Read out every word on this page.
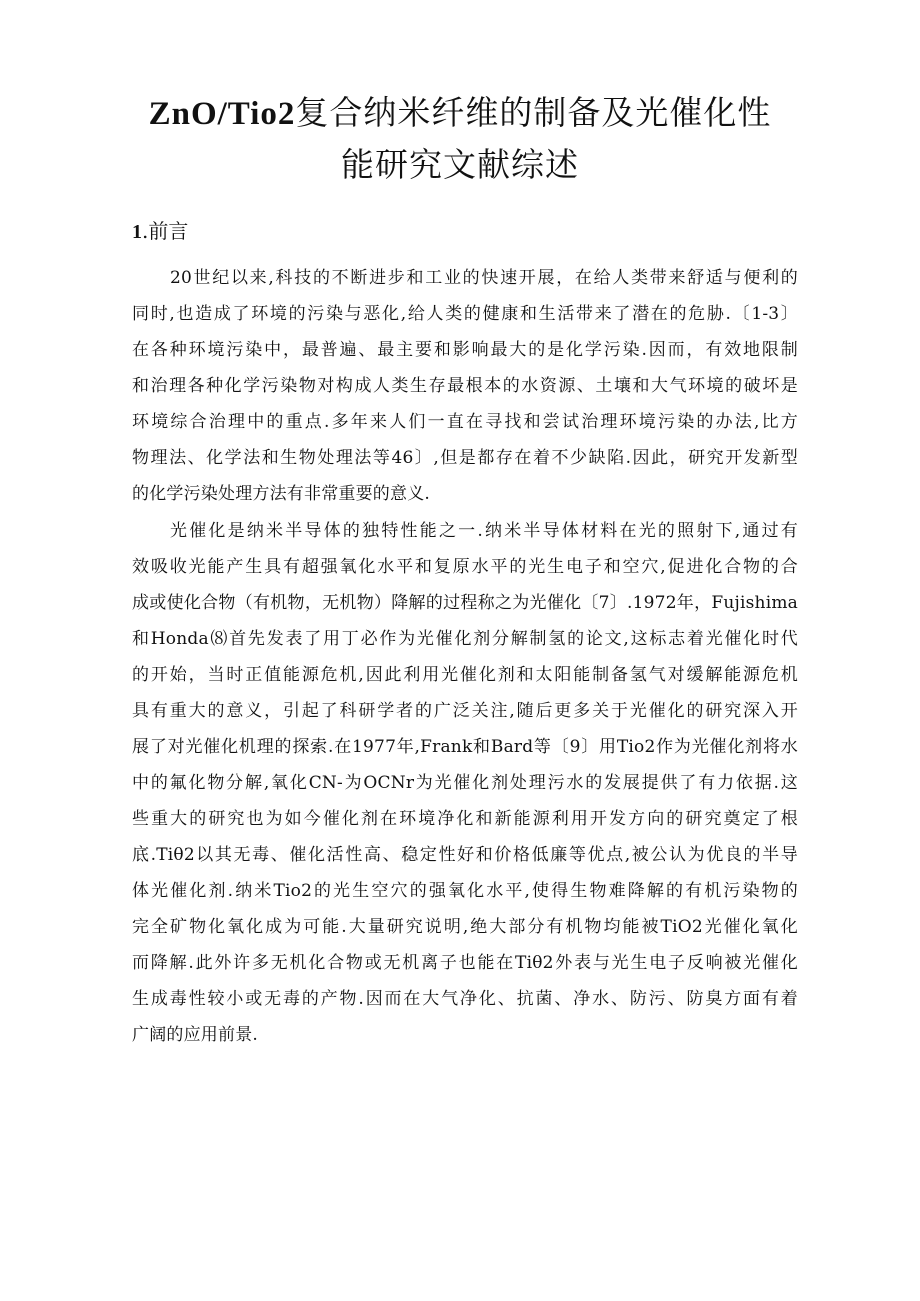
ZnO/Tio2复合纳米纤维的制备及光催化性
能研究文献综述
1.前言
20世纪以来,科技的不断进步和工业的快速开展，在给人类带来舒适与便利的
同时,也造成了环境的污染与恶化,给人类的健康和生活带来了潜在的危胁.〔1-3〕
在各种环境污染中，最普遍、最主要和影响最大的是化学污染.因而，有效地限制
和治理各种化学污染物对构成人类生存最根本的水资源、土壤和大气环境的破坏是
环境综合治理中的重点.多年来人们一直在寻找和尝试治理环境污染的办法,比方
物理法、化学法和生物处理法等46〕,但是都存在着不少缺陷.因此，研究开发新型
的化学污染处理方法有非常重要的意义.
光催化是纳米半导体的独特性能之一.纳米半导体材料在光的照射下,通过有
效吸收光能产生具有超强氧化水平和复原水平的光生电子和空穴,促进化合物的合
成或使化合物（有机物，无机物）降解的过程称之为光催化〔7〕.1972年，Fujishima
和Honda⑻首先发表了用丁必作为光催化剂分解制氢的论文,这标志着光催化时代
的开始，当时正值能源危机,因此利用光催化剂和太阳能制备氢气对缓解能源危机
具有重大的意义，引起了科研学者的广泛关注,随后更多关于光催化的研究深入开
展了对光催化机理的探索.在1977年,Frank和Bard等〔9〕用Tio2作为光催化剂将水
中的氟化物分解,氧化CN-为OCNr为光催化剂处理污水的发展提供了有力依据.这
些重大的研究也为如今催化剂在环境净化和新能源利用开发方向的研究奠定了根
底.Tiθ2以其无毒、催化活性高、稳定性好和价格低廉等优点,被公认为优良的半导
体光催化剂.纳米Tio2的光生空穴的强氧化水平,使得生物难降解的有机污染物的
完全矿物化氧化成为可能.大量研究说明,绝大部分有机物均能被TiO2光催化氧化
而降解.此外许多无机化合物或无机离子也能在Tiθ2外表与光生电子反响被光催化
生成毒性较小或无毒的产物.因而在大气净化、抗菌、净水、防污、防臭方面有着
广阔的应用前景.
